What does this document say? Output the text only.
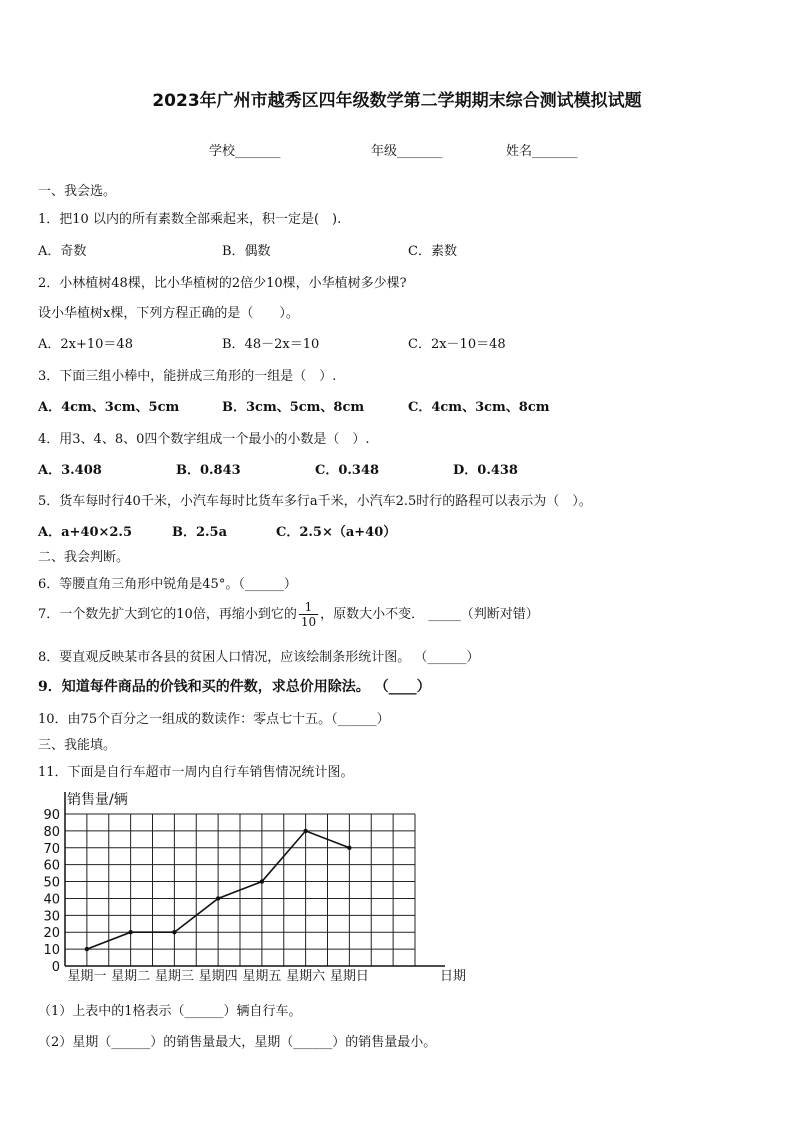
2023年广州市越秀区四年级数学第二学期期末综合测试模拟试题
学校_______	年级_______	姓名_______
一、我会选。
1．把10 以内的所有素数全部乘起来，积一定是(　).
A．奇数	B．偶数	C．素数
2．小林植树48棵，比小华植树的2倍少10棵，小华植树多少棵?
设小华植树x棵，下列方程正确的是（　　）。
A．2x+10＝48	B．48－2x＝10	C．2x－10＝48
3．下面三组小棒中，能拼成三角形的一组是（　）.
A．4cm、3cm、5cm	B．3cm、5cm、8cm	C．4cm、3cm、8cm
4．用3、4、8、0四个数字组成一个最小的小数是（　）.
A．3.408	B．0.843	C．0.348	D．0.438
5．货车每时行40千米，小汽车每时比货车多行a千米，小汽车2.5时行的路程可以表示为（　）。
A．a+40×2.5	B．2.5a	C．2.5×（a+40）
二、我会判断。
6．等腰直角三角形中锐角是45°。（______）
7．一个数先扩大到它的10倍，再缩小到它的 $\frac{1}{10}$ ，原数大小不变． _____（判断对错）
8．要直观反映某市各县的贫困人口情况，应该绘制条形统计图。 （______）
9．知道每件商品的价钱和买的件数，求总价用除法。 （____）
10．由75个百分之一组成的数读作：零点七十五。（______）
三、我能填。
11．下面是自行车超市一周内自行车销售情况统计图。
0
10
20
30
40
50
60
70
80
90
销售量/辆
星期一 星期二 星期三 星期四 星期五 星期六 星期日	日期
（1）上表中的1格表示（______）辆自行车。
（2）星期（______）的销售量最大，星期（______）的销售量最小。
